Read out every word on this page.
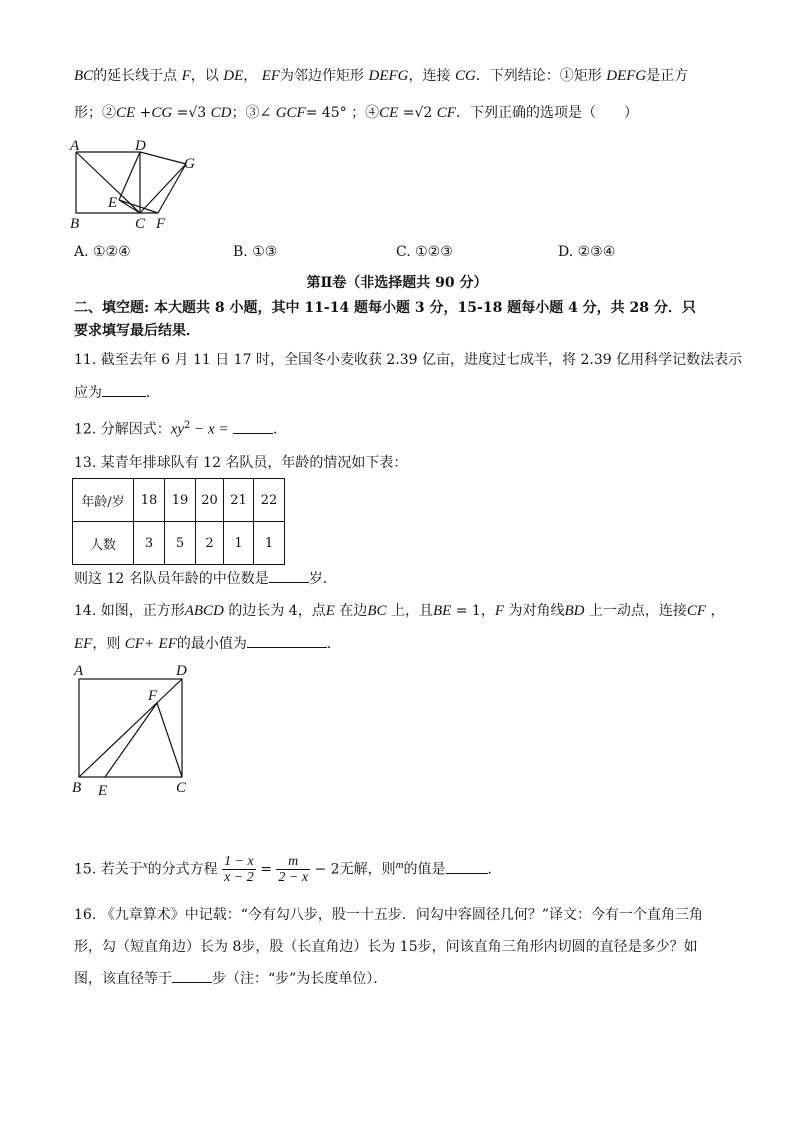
BC的延长线于点 F，以 DE， EF为邻边作矩形 DEFG，连接 CG．下列结论：①矩形 DEFG是正方
形；②CE +CG =√3 CD；③∠ GCF= 45° ；④CE =√2 CF．下列正确的选项是（　　）
A	D
G
E
B	C F
A. ①②④	B. ①③	C. ①②③	D. ②③④
第Ⅱ卷（非选择题共 90 分）
二、填空题: 本大题共 8 小题，其中 11-14 题每小题 3 分，15-18 题每小题 4 分，共 28 分．只
要求填写最后结果．
11. 截至去年 6 月 11 日 17 时，全国冬小麦收获 2.39 亿亩，进度过七成半，将 2.39 亿用科学记数法表示
应为	．
12. 分解因式：$xy^2 - x$ =	．
13. 某青年排球队有 12 名队员，年龄的情况如下表：
年龄/岁	18	19	20	21	22
人数	3	5	2	1	1
则这 12 名队员年龄的中位数是	岁．
14. 如图，正方形ABCD 的边长为 4，点E 在边BC 上，且BE = 1，F 为对角线BD 上一动点，连接CF ，
EF，则 CF+ EF的最小值为	．
A	D
F
B E	C
15. 若关于$^x$的分式方程 $\frac{1 - x}{x - 2} = \frac{m}{2 - x} - 2$无解，则$^m$的值是	．
16. 《九章算术》中记载：“今有勾八步，股一十五步．问勾中容圆径几何？”译文：今有一个直角三角
形，勾（短直角边）长为 8步，股（长直角边）长为 15步，问该直角三角形内切圆的直径是多少？如
图，该直径等于	步（注：“步”为长度单位）．
